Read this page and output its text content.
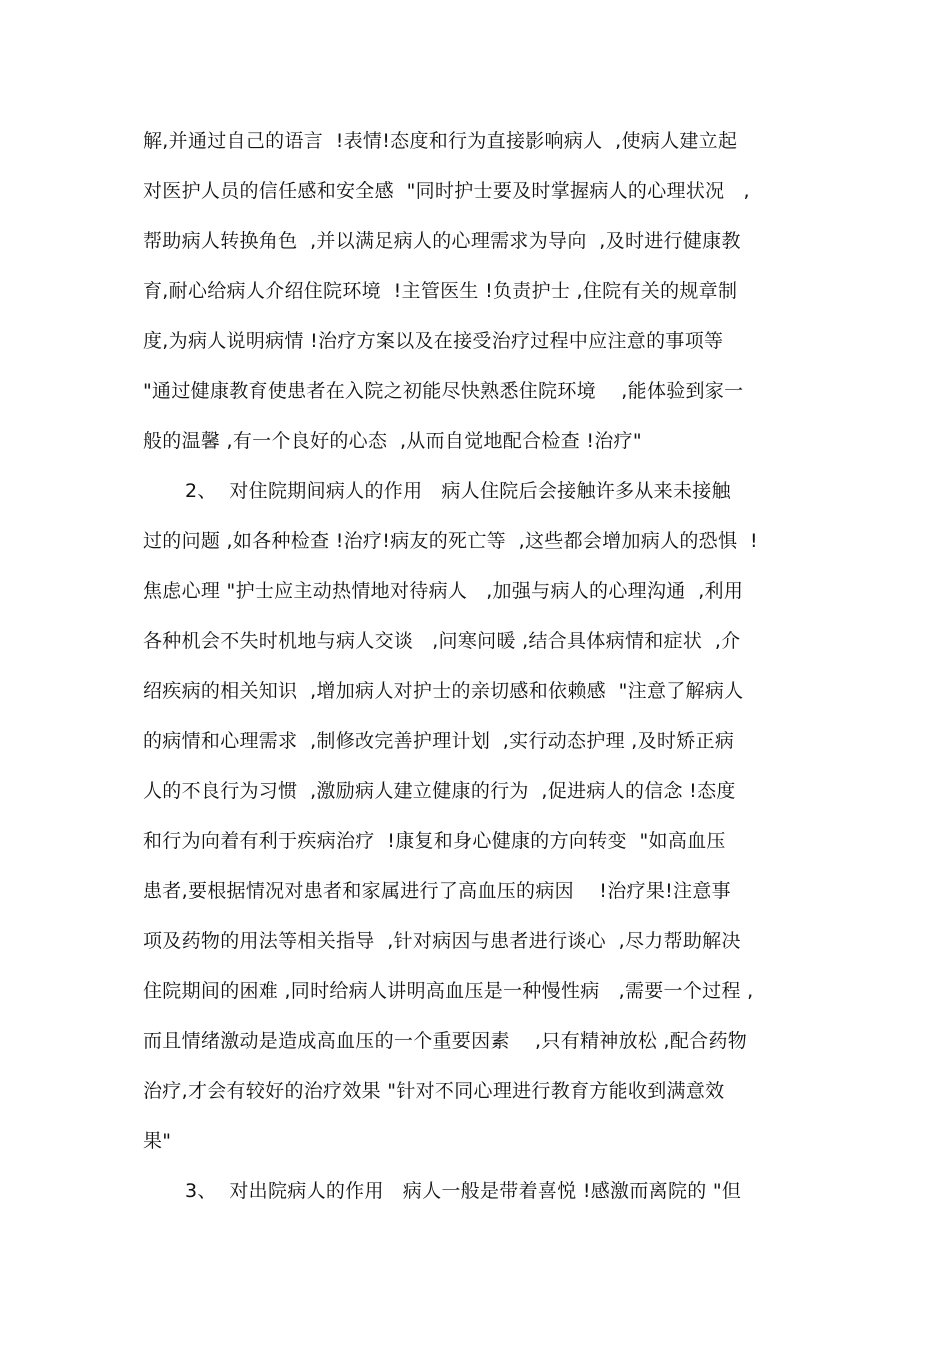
解,并通过自己的语言  !表情!态度和行为直接影响病人  ,使病人建立起
对医护人员的信任感和安全感  "同时护士要及时掌握病人的心理状况   ,
帮助病人转换角色  ,并以满足病人的心理需求为导向  ,及时进行健康教
育,耐心给病人介绍住院环境  !主管医生 !负责护士 ,住院有关的规章制
度,为病人说明病情 !治疗方案以及在接受治疗过程中应注意的事项等
"通过健康教育使患者在入院之初能尽快熟悉住院环境    ,能体验到家一
般的温馨 ,有一个良好的心态  ,从而自觉地配合检查 !治疗"
2、  对住院期间病人的作用   病人住院后会接触许多从来未接触
过的问题 ,如各种检查 !治疗!病友的死亡等  ,这些都会增加病人的恐惧  !
焦虑心理 "护士应主动热情地对待病人   ,加强与病人的心理沟通  ,利用
各种机会不失时机地与病人交谈   ,问寒问暖 ,结合具体病情和症状  ,介
绍疾病的相关知识  ,增加病人对护士的亲切感和依赖感  "注意了解病人
的病情和心理需求  ,制修改完善护理计划  ,实行动态护理 ,及时矫正病
人的不良行为习惯  ,激励病人建立健康的行为  ,促进病人的信念 !态度
和行为向着有利于疾病治疗  !康复和身心健康的方向转变  "如高血压
患者,要根据情况对患者和家属进行了高血压的病因    !治疗果!注意事
项及药物的用法等相关指导  ,针对病因与患者进行谈心  ,尽力帮助解决
住院期间的困难 ,同时给病人讲明高血压是一种慢性病   ,需要一个过程 ,
而且情绪激动是造成高血压的一个重要因素    ,只有精神放松 ,配合药物
治疗,才会有较好的治疗效果 "针对不同心理进行教育方能收到满意效
果"
3、  对出院病人的作用   病人一般是带着喜悦 !感激而离院的 "但
